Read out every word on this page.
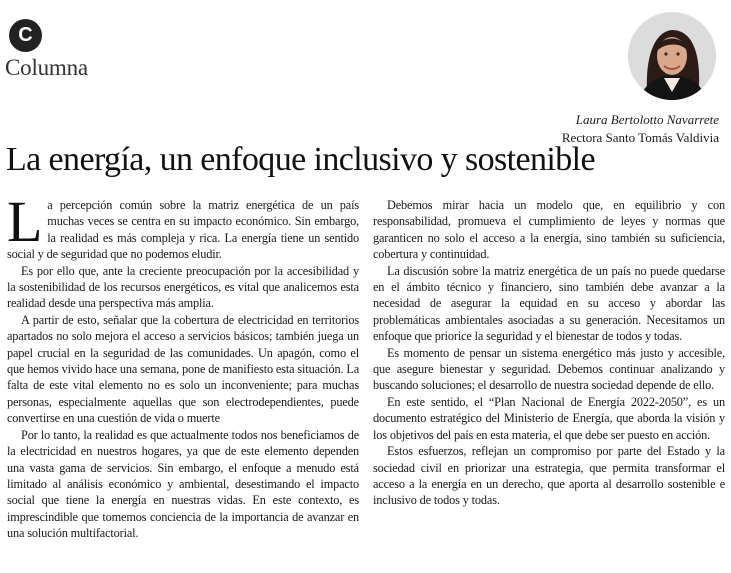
C
Columna
Laura Bertolotto Navarrete
Rectora Santo Tomás Valdivia
La energía, un enfoque inclusivo y sostenible

La percepción común sobre la matriz energética de un país muchas veces se centra en su impacto económico. Sin embargo, la realidad es más compleja y rica. La energía tiene un sentido social y de seguridad que no podemos eludir.

Es por ello que, ante la creciente preocupación por la accesibilidad y la sostenibilidad de los recursos energéticos, es vital que analicemos esta realidad desde una perspectiva más amplia.

A partir de esto, señalar que la cobertura de electricidad en territorios apartados no solo mejora el acceso a servicios básicos; también juega un papel crucial en la seguridad de las comunidades. Un apagón, como el que hemos vivido hace una semana, pone de manifiesto esta situación. La falta de este vital elemento no es solo un inconveniente; para muchas personas, especialmente aquellas que son electrodependientes, puede convertirse en una cuestión de vida o muerte

Por lo tanto, la realidad es que actualmente todos nos beneficiamos de la electricidad en nuestros hogares, ya que de este elemento dependen una vasta gama de servicios. Sin embargo, el enfoque a menudo está limitado al análisis económico y ambiental, desestimando el impacto social que tiene la energía en nuestras vidas. En este contexto, es imprescindible que tomemos conciencia de la importancia de avanzar en una solución multifactorial.

Debemos mirar hacia un modelo que, en equilibrio y con responsabilidad, promueva el cumplimiento de leyes y normas que garanticen no solo el acceso a la energía, sino también su suficiencia, cobertura y continuidad.

La discusión sobre la matriz energética de un país no puede quedarse en el ámbito técnico y financiero, sino también debe avanzar a la necesidad de asegurar la equidad en su acceso y abordar las problemáticas ambientales asociadas a su generación. Necesitamos un enfoque que priorice la seguridad y el bienestar de todos y todas.

Es momento de pensar un sistema energético más justo y accesible, que asegure bienestar y seguridad. Debemos continuar analizando y buscando soluciones; el desarrollo de nuestra sociedad depende de ello.

En este sentido, el “Plan Nacional de Energía 2022-2050”, es un documento estratégico del Ministerio de Energía, que aborda la visión y los objetivos del país en esta materia, el que debe ser puesto en acción.

Estos esfuerzos, reflejan un compromiso por parte del Estado y la sociedad civil en priorizar una estrategia, que permita transformar el acceso a la energía en un derecho, que aporta al desarrollo sostenible e inclusivo de todos y todas.
